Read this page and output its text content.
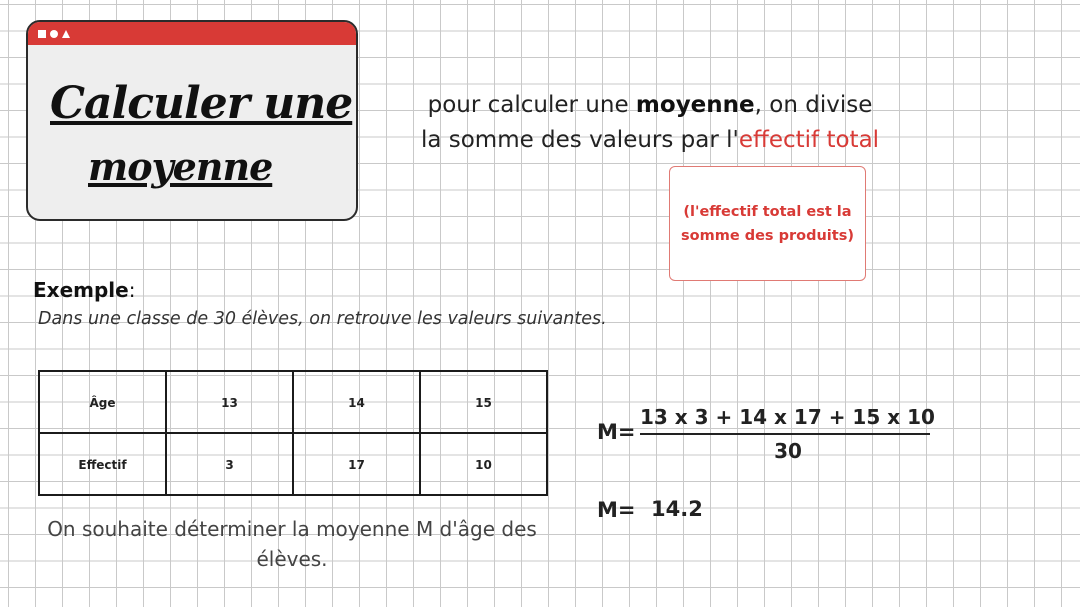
Calculer une
moyenne
pour calculer une moyenne, on divise
la somme des valeurs par l'effectif total
(l'effectif total est la somme des produits)
Exemple:
Dans une classe de 30 élèves, on retrouve les valeurs suivantes.
Âge	13	14	15
Effectif	3	17	10
On souhaite déterminer la moyenne M d'âge des élèves.
M=
13 x 3 + 14 x 17 + 15 x 10
30
M= 14.2
